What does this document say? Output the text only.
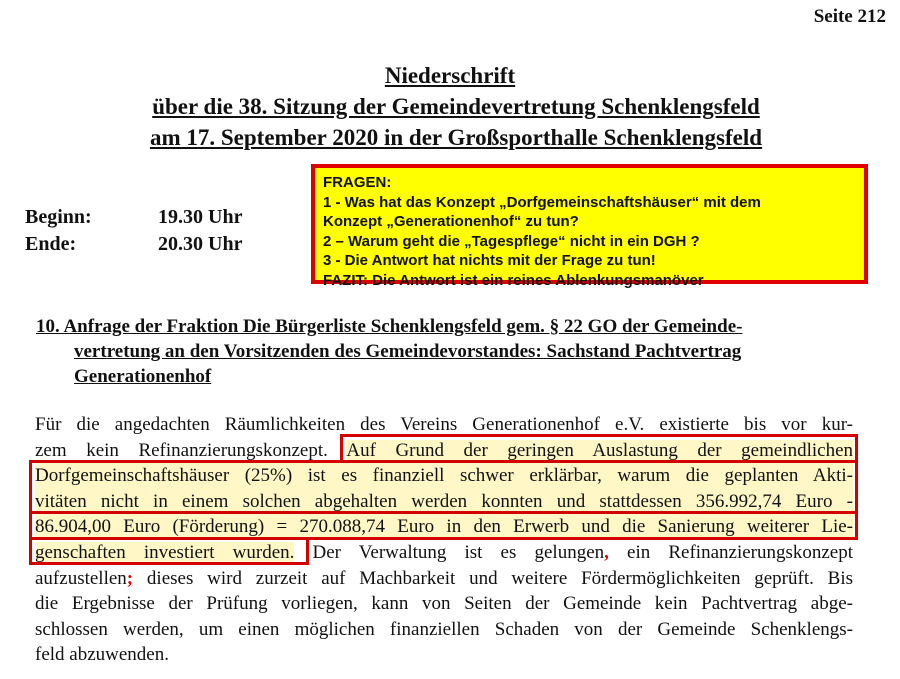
Seite 212
Niederschrift
über die 38. Sitzung der Gemeindevertretung Schenklengsfeld
am 17. September 2020 in der Großsporthalle Schenklengsfeld
Beginn:	19.30 Uhr
Ende:	20.30 Uhr
FRAGEN:
1 - Was hat das Konzept „Dorfgemeinschaftshäuser“ mit dem
Konzept „Generationenhof“ zu tun?
2 – Warum geht die „Tagespflege“ nicht in ein DGH ?
3 - Die Antwort hat nichts mit der Frage zu tun!
FAZIT: Die Antwort ist ein reines Ablenkungsmanöver
10. Anfrage der Fraktion Die Bürgerliste Schenklengsfeld gem. § 22 GO der Gemeinde-
vertretung an den Vorsitzenden des Gemeindevorstandes: Sachstand Pachtvertrag
Generationenhof
Für die angedachten Räumlichkeiten des Vereins Generationenhof e.V. existierte bis vor kur-
zem kein Refinanzierungskonzept. Auf Grund der geringen Auslastung der gemeindlichen
Dorfgemeinschaftshäuser (25%) ist es finanziell schwer erklärbar, warum die geplanten Akti-
vitäten nicht in einem solchen abgehalten werden konnten und stattdessen 356.992,74 Euro -
86.904,00 Euro (Förderung) = 270.088,74 Euro in den Erwerb und die Sanierung weiterer Lie-
genschaften investiert wurden. Der Verwaltung ist es gelungen, ein Refinanzierungskonzept
aufzustellen; dieses wird zurzeit auf Machbarkeit und weitere Fördermöglichkeiten geprüft. Bis
die Ergebnisse der Prüfung vorliegen, kann von Seiten der Gemeinde kein Pachtvertrag abge-
schlossen werden, um einen möglichen finanziellen Schaden von der Gemeinde Schenklengs-
feld abzuwenden.
